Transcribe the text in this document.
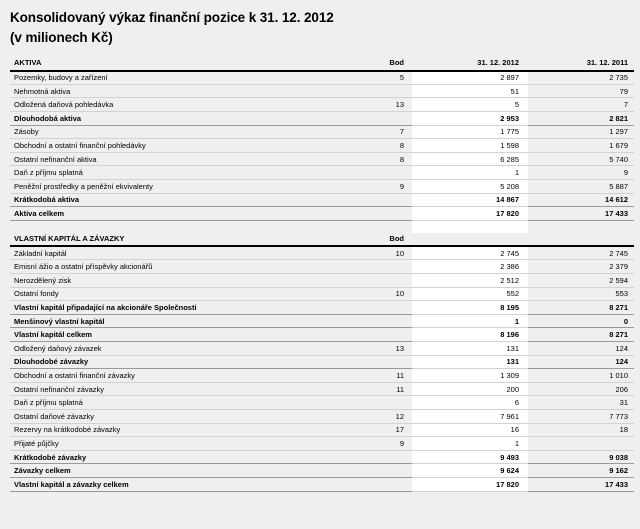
Konsolidovaný výkaz finanční pozice k 31. 12. 2012
(v milionech Kč)
AKTIVA	Bod	31. 12. 2012	31. 12. 2011
Pozemky, budovy a zařízení	5	2 897	2 735
Nehmotná aktiva		51	79
Odložená daňová pohledávka	13	5	7
Dlouhodobá aktiva		2 953	2 821
Zásoby	7	1 775	1 297
Obchodní a ostatní finanční pohledávky	8	1 598	1 679
Ostatní nefinanční aktiva	8	6 285	5 740
Daň z příjmu splatná		1	9
Peněžní prostředky a peněžní ekvivalenty	9	5 208	5 887
Krátkodobá aktiva		14 867	14 612
Aktiva celkem		17 820	17 433

VLASTNÍ KAPITÁL A ZÁVAZKY	Bod		
Základní kapitál	10	2 745	2 745
Emisní ážio a ostatní příspěvky akcionářů		2 386	2 379
Nerozdělený zisk		2 512	2 594
Ostatní fondy	10	552	553
Vlastní kapitál připadající na akcionáře Společnosti		8 195	8 271
Menšinový vlastní kapitál		1	0
Vlastní kapitál celkem		8 196	8 271
Odložený daňový závazek	13	131	124
Dlouhodobé závazky		131	124
Obchodní a ostatní finanční závazky	11	1 309	1 010
Ostatní nefinanční závazky	11	200	206
Daň z příjmu splatná		6	31
Ostatní daňové závazky	12	7 961	7 773
Rezervy na krátkodobé závazky	17	16	18
Přijaté půjčky	9	1	
Krátkodobé závazky		9 493	9 038
Závazky celkem		9 624	9 162
Vlastní kapitál a závazky celkem		17 820	17 433
